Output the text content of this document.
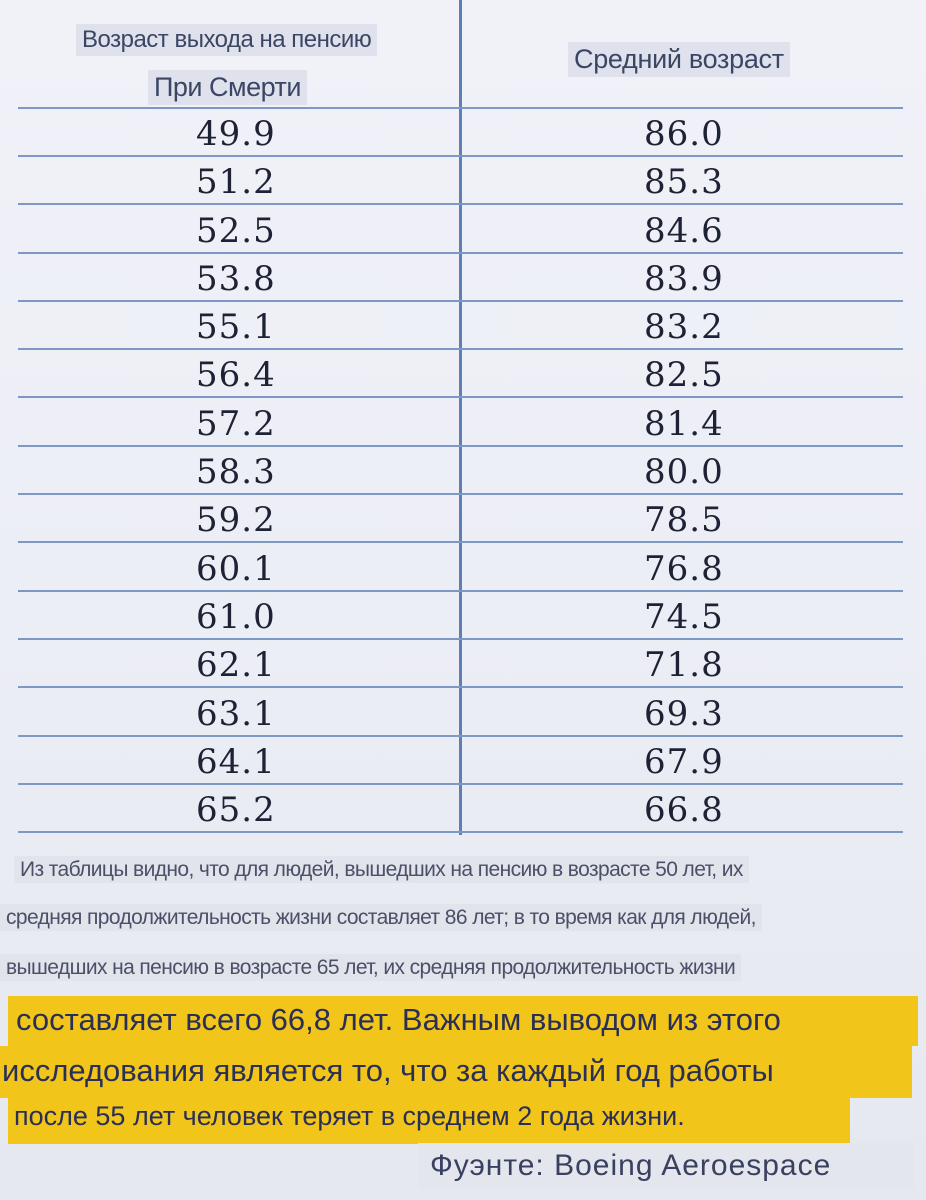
Возраст выхода на пенсию
При Смерти
Средний возраст
49.9	86.0
51.2	85.3
52.5	84.6
53.8	83.9
55.1	83.2
56.4	82.5
57.2	81.4
58.3	80.0
59.2	78.5
60.1	76.8
61.0	74.5
62.1	71.8
63.1	69.3
64.1	67.9
65.2	66.8
Из таблицы видно, что для людей, вышедших на пенсию в возрасте 50 лет, их
средняя продолжительность жизни составляет 86 лет; в то время как для людей,
вышедших на пенсию в возрасте 65 лет, их средняя продолжительность жизни
составляет всего 66,8 лет. Важным выводом из этого
исследования является то, что за каждый год работы
после 55 лет человек теряет в среднем 2 года жизни.
Фуэнте: Boeing Aeroespace
